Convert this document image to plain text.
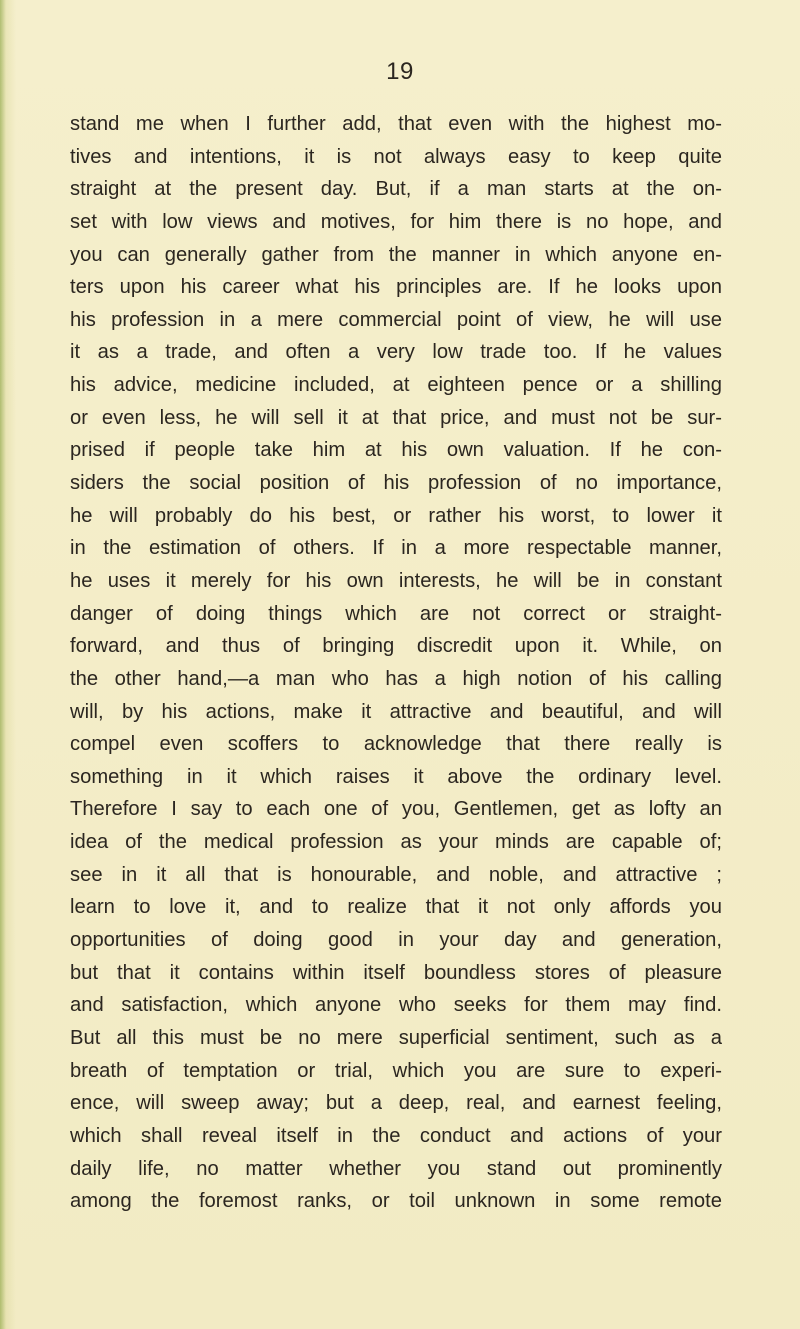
19
stand me when I further add, that even with the highest mo-
tives and intentions, it is not always easy to keep quite
straight at the present day. But, if a man starts at the on-
set with low views and motives, for him there is no hope, and
you can generally gather from the manner in which anyone en-
ters upon his career what his principles are. If he looks upon
his profession in a mere commercial point of view, he will use
it as a trade, and often a very low trade too. If he values
his advice, medicine included, at eighteen pence or a shilling
or even less, he will sell it at that price, and must not be sur-
prised if people take him at his own valuation. If he con-
siders the social position of his profession of no importance,
he will probably do his best, or rather his worst, to lower it
in the estimation of others. If in a more respectable manner,
he uses it merely for his own interests, he will be in constant
danger of doing things which are not correct or straight-
forward, and thus of bringing discredit upon it. While, on
the other hand,—a man who has a high notion of his calling
will, by his actions, make it attractive and beautiful, and will
compel even scoffers to acknowledge that there really is
something in it which raises it above the ordinary level.
Therefore I say to each one of you, Gentlemen, get as lofty an
idea of the medical profession as your minds are capable of;
see in it all that is honourable, and noble, and attractive ;
learn to love it, and to realize that it not only affords you
opportunities of doing good in your day and generation,
but that it contains within itself boundless stores of pleasure
and satisfaction, which anyone who seeks for them may find.
But all this must be no mere superficial sentiment, such as a
breath of temptation or trial, which you are sure to experi-
ence, will sweep away; but a deep, real, and earnest feeling,
which shall reveal itself in the conduct and actions of your
daily life, no matter whether you stand out prominently
among the foremost ranks, or toil unknown in some remote
